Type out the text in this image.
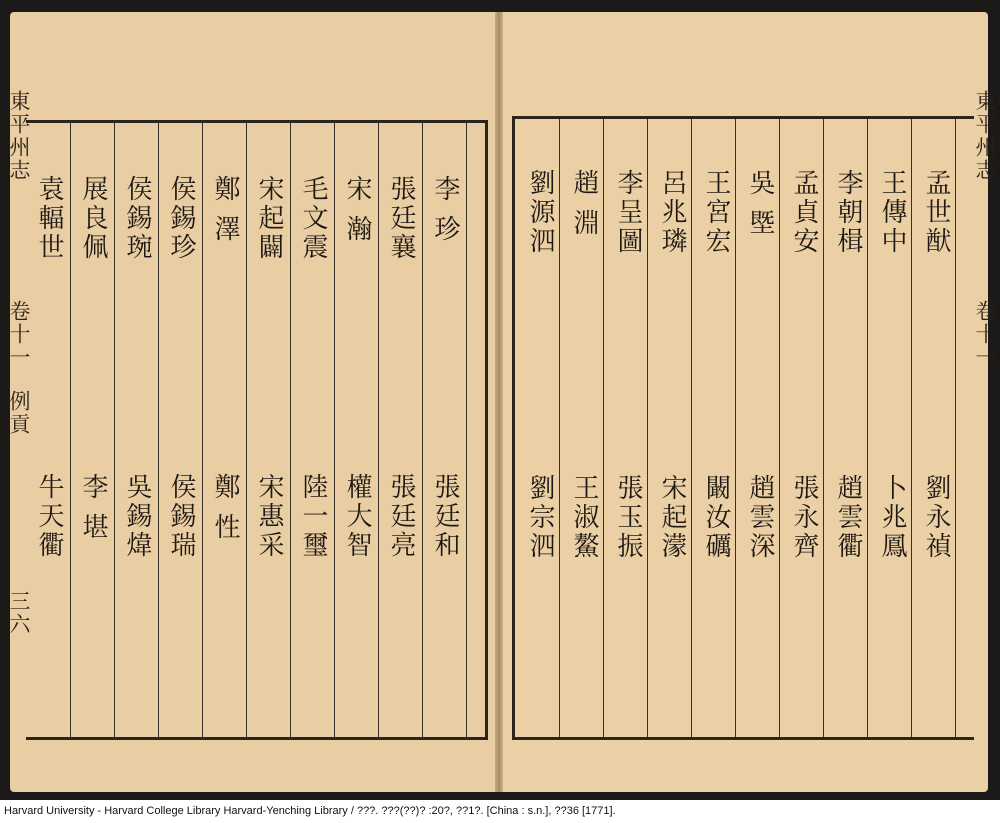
李 珍
張廷和
張廷襄
張廷亮
宋 瀚
權大智
毛文震
陸一璽
宋起闢
宋惠采
鄭 澤
鄭 性
侯錫珍
侯錫瑞
侯錫琬
吳錫煒
展良佩
李 堪
袁輻世
牛天衢
東平州志
卷十一
例貢
三六
孟世猷
劉永禎
王傳中
卜兆鳳
李朝楫
趙雲衢
孟貞安
張永齊
吳 塈
趙雲深
王宮宏
闞汝礪
呂兆璘
宋起濛
李呈圖
張玉振
趙 淵
王淑鰲
劉源泗
劉宗泗
東平州志
卷十一
Harvard University - Harvard College Library Harvard-Yenching Library / ???. ???(??)? :20?, ??1?. [China : s.n.], ??36 [1771].
